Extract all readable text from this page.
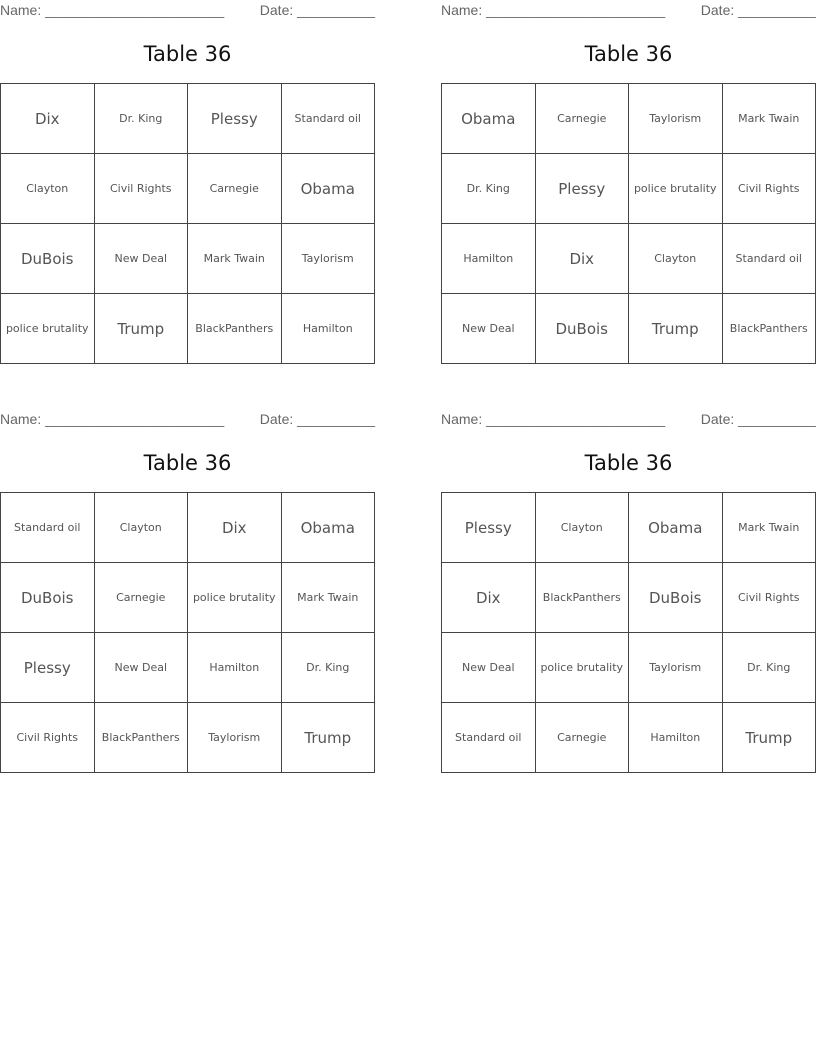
Name: _______________________	Date: __________
Table 36
Dix	Dr. King	Plessy	Standard oil
Clayton	Civil Rights	Carnegie	Obama
DuBois	New Deal	Mark Twain	Taylorism
police brutality	Trump	BlackPanthers	Hamilton
Name: _______________________	Date: __________
Table 36
Obama	Carnegie	Taylorism	Mark Twain
Dr. King	Plessy	police brutality	Civil Rights
Hamilton	Dix	Clayton	Standard oil
New Deal	DuBois	Trump	BlackPanthers
Name: _______________________	Date: __________
Table 36
Standard oil	Clayton	Dix	Obama
DuBois	Carnegie	police brutality	Mark Twain
Plessy	New Deal	Hamilton	Dr. King
Civil Rights	BlackPanthers	Taylorism	Trump
Name: _______________________	Date: __________
Table 36
Plessy	Clayton	Obama	Mark Twain
Dix	BlackPanthers	DuBois	Civil Rights
New Deal	police brutality	Taylorism	Dr. King
Standard oil	Carnegie	Hamilton	Trump
